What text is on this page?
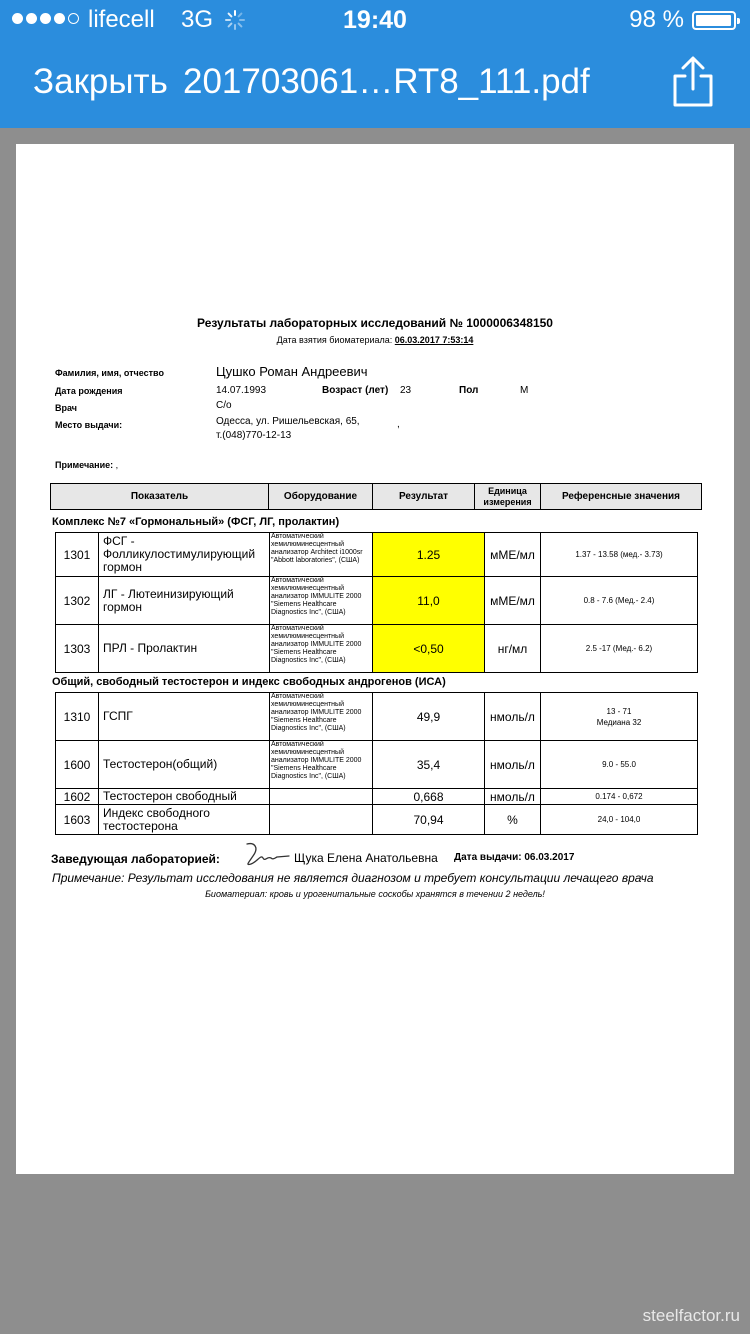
lifecell 3G	19:40	98 %
Закрыть 201703061…RT8_111.pdf
Результаты лабораторных исследований № 1000006348150
Дата взятия биоматериала: 06.03.2017 7:53:14
Фамилия, имя, отчество	Цушко Роман Андреевич
Дата рождения	14.07.1993	Возраст (лет) 23	Пол	М
Врач	С/о
Место выдачи:	Одесса, ул. Ришельевская, 65,	,
т.(048)770-12-13
Примечание: ,
Показатель	Оборудование	Результат	Единица измерения	Референсные значения
Комплекс №7 «Гормональный» (ФСГ, ЛГ, пролактин)
1301	ФСГ - Фолликулостимулирующий гормон	Автоматический хемилюминесцентный анализатор Architect i1000sr "Abbott laboratories", (США)	1.25	мМЕ/мл	1.37 - 13.58 (мед.- 3.73)
1302	ЛГ - Лютеинизирующий гормон	Автоматический хемилюминесцентный анализатор IMMULITE 2000 "Siemens Healthcare Diagnostics Inc", (США)	11,0	мМЕ/мл	0.8 - 7.6 (Мед.- 2.4)
1303	ПРЛ - Пролактин	Автоматический хемилюминесцентный анализатор IMMULITE 2000 "Siemens Healthcare Diagnostics Inc", (США)	<0,50	нг/мл	2.5 -17 (Мед.- 6.2)
Общий, свободный тестостерон и индекс свободных андрогенов (ИСА)
1310	ГСПГ	Автоматический хемилюминесцентный анализатор IMMULITE 2000 "Siemens Healthcare Diagnostics Inc", (США)	49,9	нмоль/л	13 - 71
Медиана 32

1600	Тестостерон(общий)	Автоматический хемилюминесцентный анализатор IMMULITE 2000 "Siemens Healthcare Diagnostics Inc", (США)	35,4	нмоль/л	9.0 - 55.0
1602	Тестостерон свободный		0,668	нмоль/л	0.174 - 0,672
1603	Индекс свободного тестостерона		70,94	%	24,0 - 104,0
Заведующая лабораторией:	Щука Елена Анатольевна Дата выдачи: 06.03.2017
Примечание: Результат исследования не является диагнозом и требует консультации лечащего врача
Биоматериал: кровь и урогенитальные соскобы хранятся в течении 2 недель!
steelfactor.ru
